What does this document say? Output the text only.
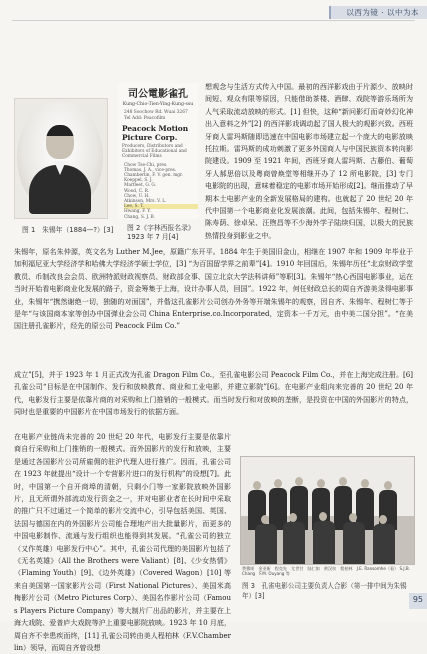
以西为镜 · 以中为本
图 1　朱锡年（1884—?）[3]
司公電影雀孔
Kung-Chio-Tien-Ying-Kung-ssu
248 Soochow Rd. Wuai 3267
Tel Add: Peacofilm
Peacock Motion Picture Corp.
Producers, Distributors and Exhibitors of Educational and Commercial Films
Chow Tse-Chi, pres.
Thomas, J. A., vice-pres.
Chamberlin, F. V. gen. mgr.
Koeppel, S. J.
Marfleet, G. G.
Wood, C. R.
Chow, U. H.
Atkinson, Mrs. V. L.
Lee, S. T.
Hwang, F. Y.
Chang, S. J. B.
图 2《字林西报名录》1923 年 7 月[4]
想观念与生活方式传入中国。最初的西洋影戏由于片源少、放映时间短、观众有限等原因，只能借助茶楼、酒肆、戏院等游乐场所为人气采取流动放映的形式。[1] 但快，这种“新问影灯而奇妙幻化神出入意料之外”[2] 的西洋影戏调动起了国人极大的观影兴致。西班牙商人雷玛斯随即迅速在中国电影市场建立起一个庞大的电影放映托拉斯。雷玛斯的成功刺激了更多外国商人与中国民族资本转向影院建设。1909 至 1921 年间，西班牙商人雷玛斯、古藤伯、葡萄牙人郝思倍以及粤商曾焕堂等相继开办了 12 所电影院，[3] 专门电影院的出现，意味着稳定的电影市场开始形成[2]。继而推动了早期本土电影产业的全新发展格局的建构。也就起了 20 世纪 20 年代中国第一个电影商业化发展浪潮。此间，包括朱锡年、程树仁、陈寿荫、徐卓呆、汪煦昌等不少海外学子陆续归国，以极大的民族热情投身到影业之中。
朱锡年，原名朱仲源，英文名为 Luther M.Jee，原籍广东开平。1884 年生于美国旧金山，相继在 1907 年和 1909 年毕业于加利福尼亚大学经济学和哈佛大学经济学硕士学位，[3] “为百国留学界之前辈”[4]。1910 年回国后，朱锡年历任“北京财政学堂教员、币制改良会会员、欧洲特派财政视察员、财政部佥事、国立北京大学法科讲师”等职[3]。朱锡年“热心西国电影事业，运在当时开始看电影商业化发展的路子，资金筹集于上海，设计办事人员，回国”。1922 年，何任财政总长的周自齐游美录得电影事业，朱锡年“携然谢绝一切，独随的对面国”，并偕这孔雀影片公司创办外务等开端朱锡年的观察，因自齐、朱锡年、程树仁等于是年“与该国商本家等创办中国弹业会公司 China Enterprise.co.Incorporated，定资本一千万元，由中美二国分担”。“在美国注册孔雀影片，经先的原公司 Peacock Film Co.”
成立”[5]，并于 1923 年 1 月正式改为孔雀 Dragon Film Co.，至孔雀电影公司 Peacock Film Co.，并在上海完成注册。[6] 孔雀公司“目标是在中国制作、发行和放映教育、商业和工业电影，并建立影院”[6]。在电影产业组向来完善的 20 世纪 20 年代，电影发行主要是依靠片商的对采购和上门推销的一般模式。而当时发行和对放映的垄断，是投资在中国的外国影片的特点，同时也是重要的中国影片在中国市场发行的依据方面。
在电影产业链尚未完善的 20 世纪 20 年代，电影发行主要是依靠片商自行采购和上门推销的一般模式。而外国影片的发行和放映，主要是通过各国影片公司所雇佣的驻沪代理人进行推广。因而，孔雀公司在 1923 年就提出“设计一个专营影片进口的发行机构”的设想[7]。此时，中国第一个自开商埠的清朝，只剩小门等一家影院放映外国影片，且无所谓外部流动发行资金之一，并对电影业者在长时间中采取的推广只不过通过一个简单的影片交流中心，引导包括美国、英国、法国与德国在内的外国影片公司能合理地产出大批量影片，而更多的中国电影制作、流通与发行组织也能得到其发展。“孔雀公司的独立（又作英雄）电影发行中心”。其中，孔雀公司代理的美国影片包括了《无名英雄》（All the Brothers were Valiant）[8]、《少女热情》（Flaming Youth）[9]、《边外英雄》（Covered Wagon）[10] 等来自美国第一国家影片公司（First National Pictures）、美国米高梅影片公司（Metro Pictures Corp）、美国名作影片公司（Famous Players Picture Company）等大制片厂出品的影片，并主要在上海大戏院、爱普庐大戏院等沪上重要电影院放映。1923 年 10 月底，周自齐不幸患疾而终，[11] 孔雀公司转由美人程柏林（F.V.Chamberlin）领导，而周自齐曾设想
费穆颂　金亚新　程克先　尤世甘　陆仁如　黄汉泉　程柏林　J.E. Ransomhe（看） S.J.B. Chang　F.M. Ouyang 等
图 3　孔雀电影公司主要负责人合影（第一排中间为朱锡年）[3]	95
